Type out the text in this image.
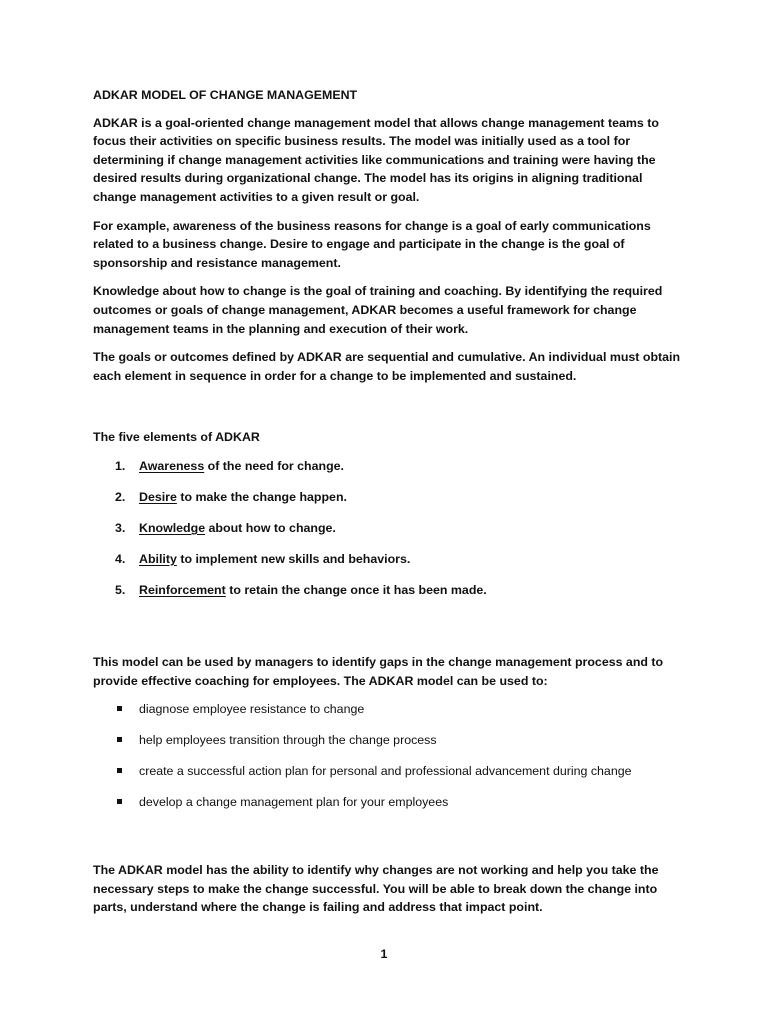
ADKAR MODEL OF CHANGE MANAGEMENT

ADKAR is a goal-oriented change management model that allows change management teams to focus their activities on specific business results. The model was initially used as a tool for determining if change management activities like communications and training were having the desired results during organizational change. The model has its origins in aligning traditional change management activities to a given result or goal.

For example, awareness of the business reasons for change is a goal of early communications related to a business change. Desire to engage and participate in the change is the goal of sponsorship and resistance management.

Knowledge about how to change is the goal of training and coaching. By identifying the required outcomes or goals of change management, ADKAR becomes a useful framework for change management teams in the planning and execution of their work.

The goals or outcomes defined by ADKAR are sequential and cumulative. An individual must obtain each element in sequence in order for a change to be implemented and sustained.

The five elements of ADKAR
1. Awareness of the need for change.
2. Desire to make the change happen.
3. Knowledge about how to change.
4. Ability to implement new skills and behaviors.
5. Reinforcement to retain the change once it has been made.

This model can be used by managers to identify gaps in the change management process and to provide effective coaching for employees. The ADKAR model can be used to:

diagnose employee resistance to change
help employees transition through the change process
create a successful action plan for personal and professional advancement during change
develop a change management plan for your employees

The ADKAR model has the ability to identify why changes are not working and help you take the necessary steps to make the change successful. You will be able to break down the change into parts, understand where the change is failing and address that impact point.

1
